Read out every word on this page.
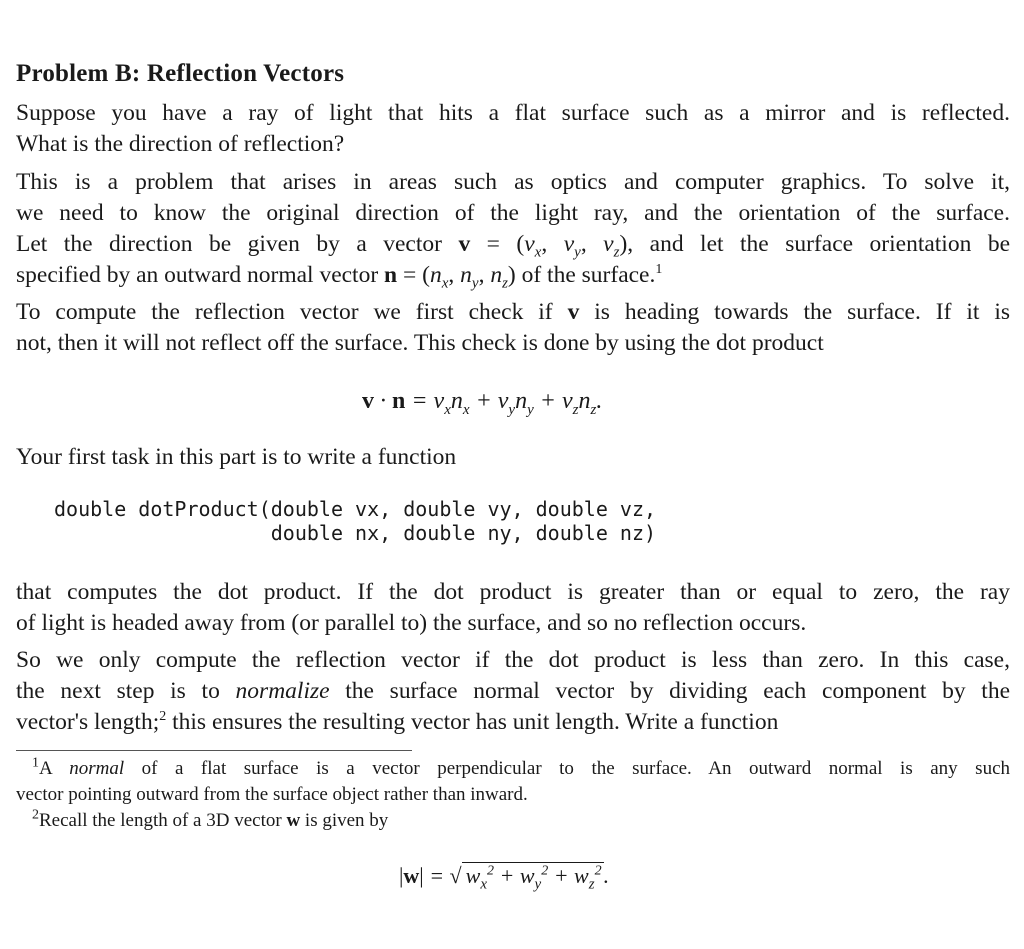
Problem B: Reflection Vectors
Suppose you have a ray of light that hits a flat surface such as a mirror and is reflected.
What is the direction of reflection?
This is a problem that arises in areas such as optics and computer graphics. To solve it,
we need to know the original direction of the light ray, and the orientation of the surface.
Let the direction be given by a vector $v = (v_x$, $v_y$, $v_z$), and let the surface orientation be
specified by an outward normal vector $n = (n_x$, $n_y$, $n_z$) of the surface.$^1$
To compute the reflection vector we first check if v is heading towards the surface. If it is
not, then it will not reflect off the surface. This check is done by using the dot product
$v \cdot n = v_xn_x + v_yn_y + v_zn_z$.
Your first task in this part is to write a function
double dotProduct(double vx, double vy, double vz,
double nx, double ny, double nz)
that computes the dot product. If the dot product is greater than or equal to zero, the ray
of light is headed away from (or parallel to) the surface, and so no reflection occurs.
So we only compute the reflection vector if the dot product is less than zero. In this case,
the next step is to normalize the surface normal vector by dividing each component by the
vector's length;$^2$ this ensures the resulting vector has unit length. Write a function
$^1$A normal of a flat surface is a vector perpendicular to the surface. An outward normal is any such
vector pointing outward from the surface object rather than inward.
$^2$Recall the length of a 3D vector w is given by
|w| = √ $w_x^2 + w_y^2 + w_z^2$.
